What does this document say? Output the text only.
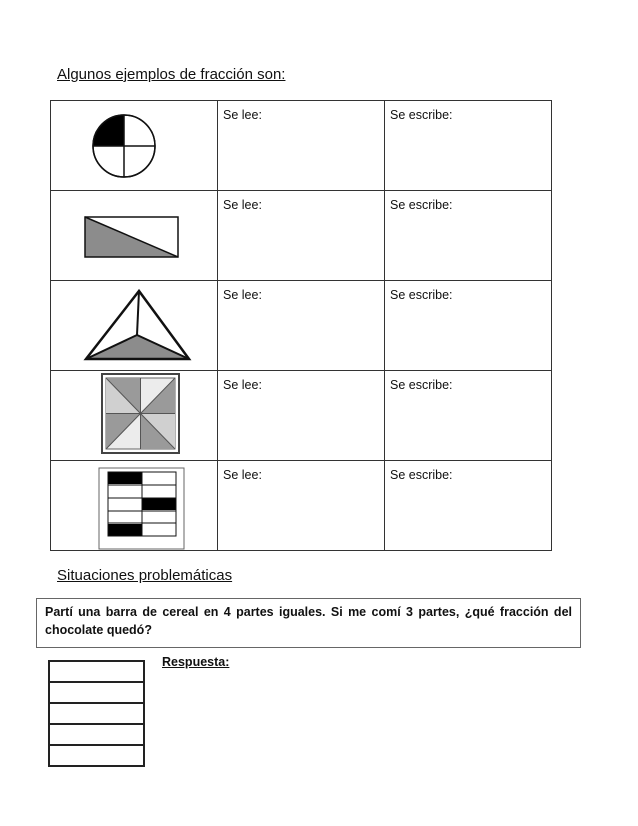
Algunos ejemplos de fracción son:

Se lee:	Se escribe:

Se lee:	Se escribe:

Se lee:	Se escribe:

Se lee:	Se escribe:

Se lee:	Se escribe:
Situaciones problemáticas

Partí una barra de cereal en 4 partes iguales. Si me comí 3 partes, ¿qué fracción del chocolate quedó?

Respuesta:
